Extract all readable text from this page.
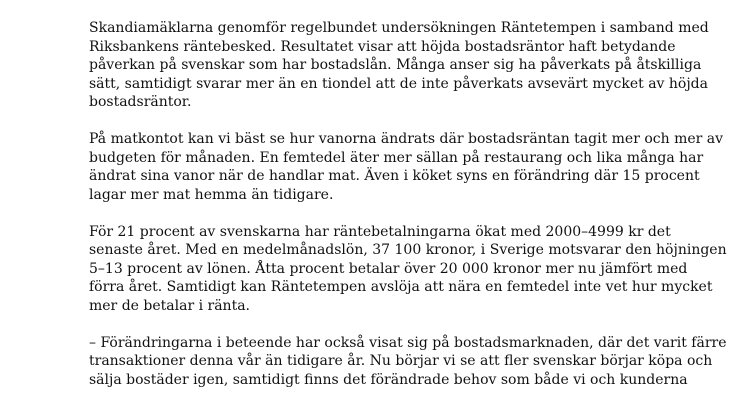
Skandiamäklarna genomför regelbundet undersökningen Räntetempen i samband med
Riksbankens räntebesked. Resultatet visar att höjda bostadsräntor haft betydande
påverkan på svenskar som har bostadslån. Många anser sig ha påverkats på åtskilliga
sätt, samtidigt svarar mer än en tiondel att de inte påverkats avsevärt mycket av höjda
bostadsräntor.

På matkontot kan vi bäst se hur vanorna ändrats där bostadsräntan tagit mer och mer av
budgeten för månaden. En femtedel äter mer sällan på restaurang och lika många har
ändrat sina vanor när de handlar mat. Även i köket syns en förändring där 15 procent
lagar mer mat hemma än tidigare.

För 21 procent av svenskarna har räntebetalningarna ökat med 2000–4999 kr det
senaste året. Med en medelmånadslön, 37 100 kronor, i Sverige motsvarar den höjningen
5–13 procent av lönen. Åtta procent betalar över 20 000 kronor mer nu jämfört med
förra året. Samtidigt kan Räntetempen avslöja att nära en femtedel inte vet hur mycket
mer de betalar i ränta.

– Förändringarna i beteende har också visat sig på bostadsmarknaden, där det varit färre
transaktioner denna vår än tidigare år. Nu börjar vi se att fler svenskar börjar köpa och
sälja bostäder igen, samtidigt finns det förändrade behov som både vi och kunderna
